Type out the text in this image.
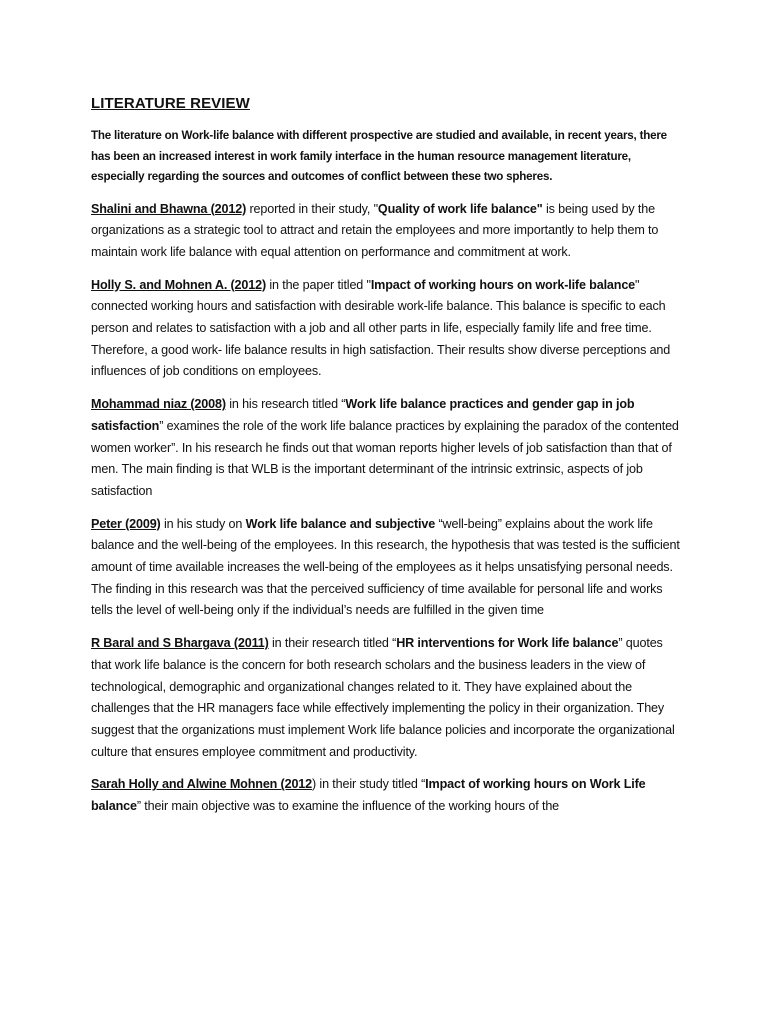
LITERATURE REVIEW

The literature on Work-life balance with different prospective are studied and available, in recent years, there has been an increased interest in work family interface in the human resource management literature, especially regarding the sources and outcomes of conflict between these two spheres.

Shalini and Bhawna (2012) reported in their study, "Quality of work life balance" is being used by the organizations as a strategic tool to attract and retain the employees and more importantly to help them to maintain work life balance with equal attention on performance and commitment at work.

Holly S. and Mohnen A. (2012) in the paper titled "Impact of working hours on work-life balance" connected working hours and satisfaction with desirable work-life balance. This balance is specific to each person and relates to satisfaction with a job and all other parts in life, especially family life and free time. Therefore, a good work- life balance results in high satisfaction. Their results show diverse perceptions and influences of job conditions on employees.

Mohammad niaz (2008) in his research titled “Work life balance practices and gender gap in job satisfaction” examines the role of the work life balance practices by explaining the paradox of the contented women worker”. In his research he finds out that woman reports higher levels of job satisfaction than that of men. The main finding is that WLB is the important determinant of the intrinsic extrinsic, aspects of job satisfaction

Peter (2009) in his study on Work life balance and subjective “well-being” explains about the work life balance and the well-being of the employees. In this research, the hypothesis that was tested is the sufficient amount of time available increases the well-being of the employees as it helps unsatisfying personal needs. The finding in this research was that the perceived sufficiency of time available for personal life and works tells the level of well-being only if the individual’s needs are fulfilled in the given time

R Baral and S Bhargava (2011) in their research titled “HR interventions for Work life balance” quotes that work life balance is the concern for both research scholars and the business leaders in the view of technological, demographic and organizational changes related to it. They have explained about the challenges that the HR managers face while effectively implementing the policy in their organization. They suggest that the organizations must implement Work life balance policies and incorporate the organizational culture that ensures employee commitment and productivity.

Sarah Holly and Alwine Mohnen (2012) in their study titled “Impact of working hours on Work Life balance” their main objective was to examine the influence of the working hours of the
